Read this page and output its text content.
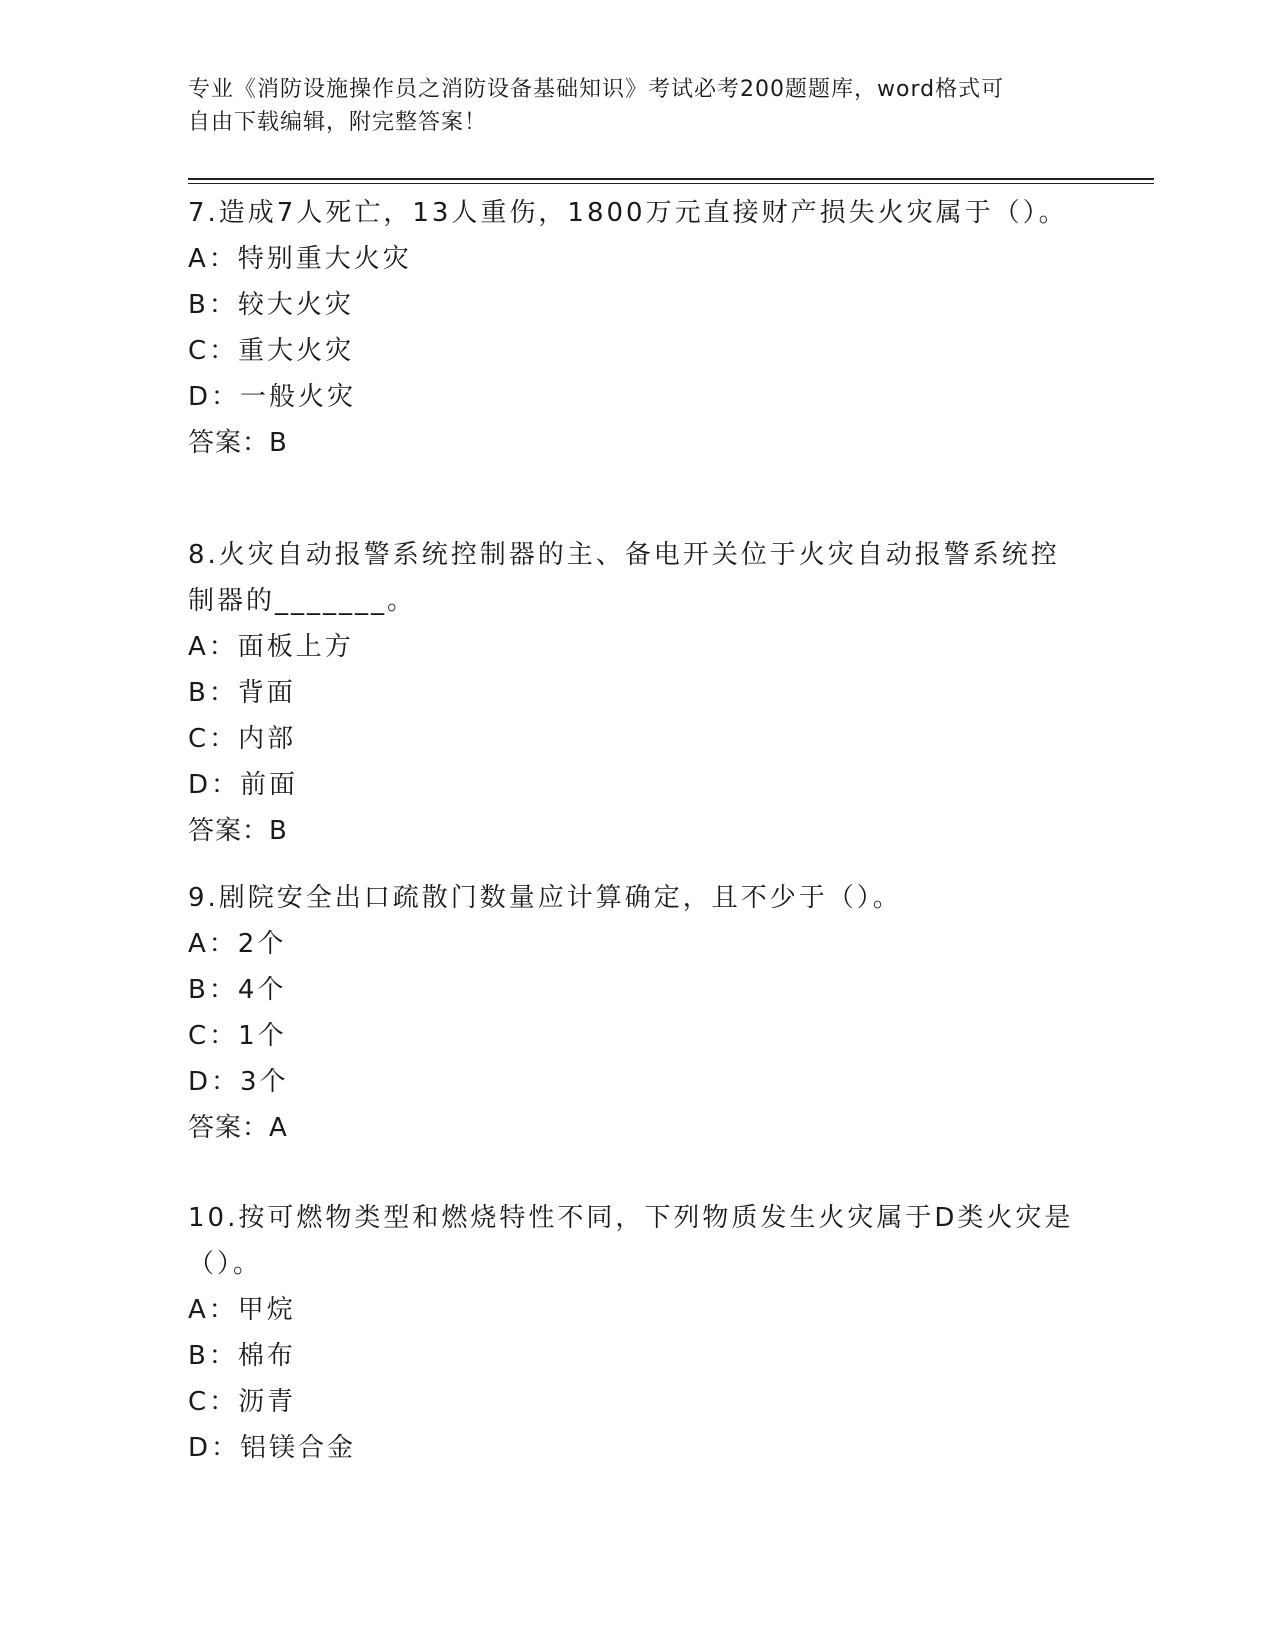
专业《消防设施操作员之消防设备基础知识》考试必考200题题库，word格式可
自由下载编辑，附完整答案！

7.造成7人死亡，13人重伤，1800万元直接财产损失火灾属于（）。

A：特别重大火灾

B：较大火灾

C：重大火灾

D：一般火灾

答案：B

8.火灾自动报警系统控制器的主、备电开关位于火灾自动报警系统控

制器的_______。

A：面板上方

B：背面

C：内部

D：前面

答案：B

9.剧院安全出口疏散门数量应计算确定，且不少于（）。

A：2个

B：4个

C：1个

D：3个

答案：A

10.按可燃物类型和燃烧特性不同，下列物质发生火灾属于D类火灾是

（）。

A：甲烷

B：棉布

C：沥青

D：铝镁合金
